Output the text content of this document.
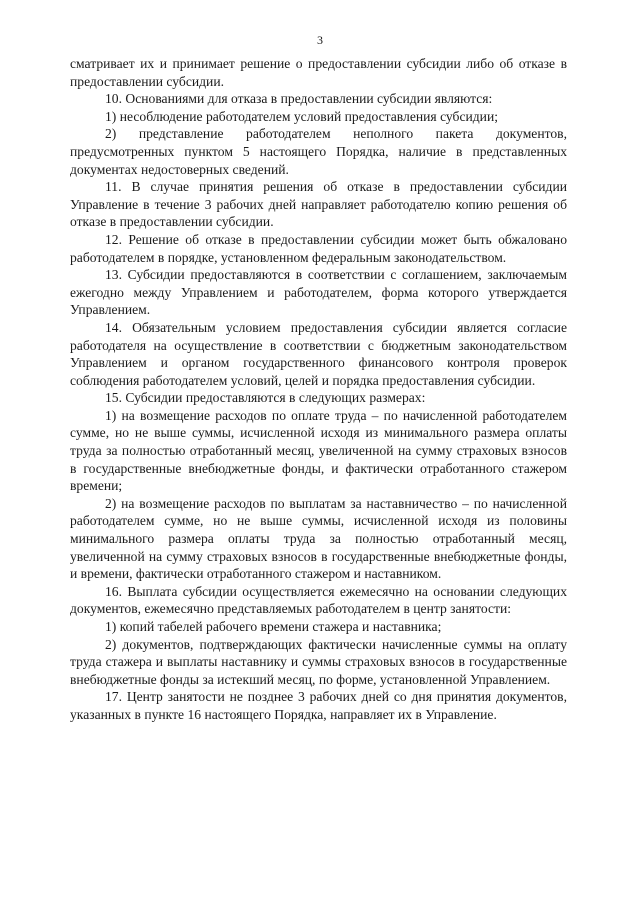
3

сматривает их и принимает решение о предоставлении субсидии либо об отказе в предоставлении субсидии.

10. Основаниями для отказа в предоставлении субсидии являются:

1) несоблюдение работодателем условий предоставления субсидии;

2) представление работодателем неполного пакета документов, предусмотренных пунктом 5 настоящего Порядка, наличие в представленных документах недостоверных сведений.

11. В случае принятия решения об отказе в предоставлении субсидии Управление в течение 3 рабочих дней направляет работодателю копию решения об отказе в предоставлении субсидии.

12. Решение об отказе в предоставлении субсидии может быть обжаловано работодателем в порядке, установленном федеральным законодательством.

13. Субсидии предоставляются в соответствии с соглашением, заключаемым ежегодно между Управлением и работодателем, форма которого утверждается Управлением.

14. Обязательным условием предоставления субсидии является согласие работодателя на осуществление в соответствии с бюджетным законодательством Управлением и органом государственного финансового контроля проверок соблюдения работодателем условий, целей и порядка предоставления субсидии.

15. Субсидии предоставляются в следующих размерах:

1) на возмещение расходов по оплате труда – по начисленной работодателем сумме, но не выше суммы, исчисленной исходя из минимального размера оплаты труда за полностью отработанный месяц, увеличенной на сумму страховых взносов в государственные внебюджетные фонды, и фактически отработанного стажером времени;

2) на возмещение расходов по выплатам за наставничество – по начисленной работодателем сумме, но не выше суммы, исчисленной исходя из половины минимального размера оплаты труда за полностью отработанный месяц, увеличенной на сумму страховых взносов в государственные внебюджетные фонды, и времени, фактически отработанного стажером и наставником.

16. Выплата субсидии осуществляется ежемесячно на основании следующих документов, ежемесячно представляемых работодателем в центр занятости:

1) копий табелей рабочего времени стажера и наставника;

2) документов, подтверждающих фактически начисленные суммы на оплату труда стажера и выплаты наставнику и суммы страховых взносов в государственные внебюджетные фонды за истекший месяц, по форме, установленной Управлением.

17. Центр занятости не позднее 3 рабочих дней со дня принятия документов, указанных в пункте 16 настоящего Порядка, направляет их в Управление.
